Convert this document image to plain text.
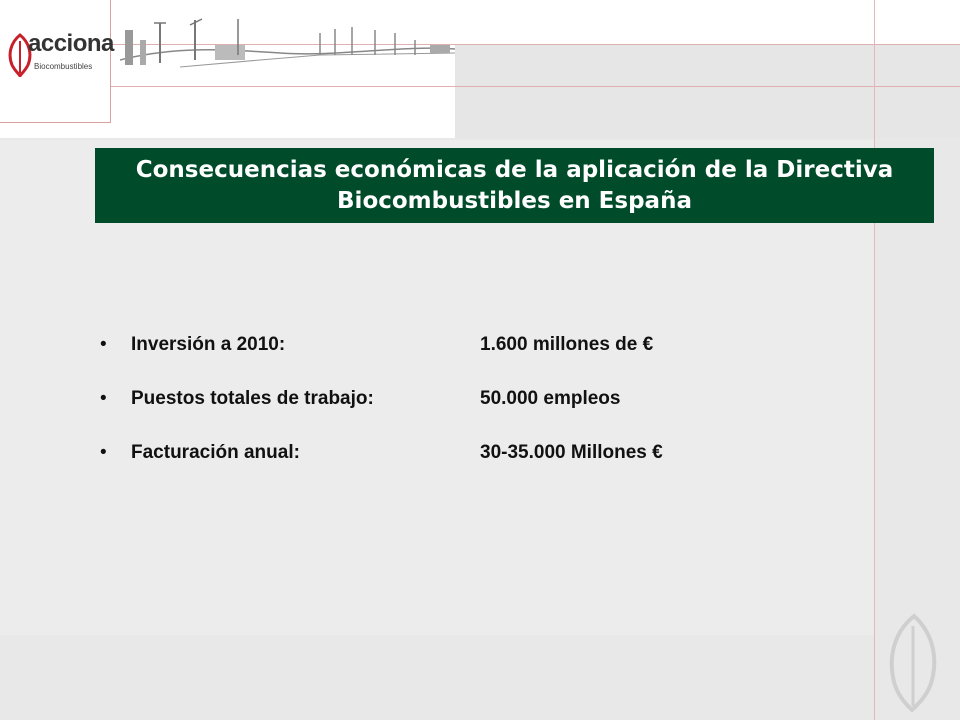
acciona
Biocombustibles
Consecuencias económicas de la aplicación de la Directiva Biocombustibles en España
• Inversión a 2010:	1.600 millones de €
• Puestos totales de trabajo:	50.000 empleos
• Facturación anual:	30-35.000 Millones €
